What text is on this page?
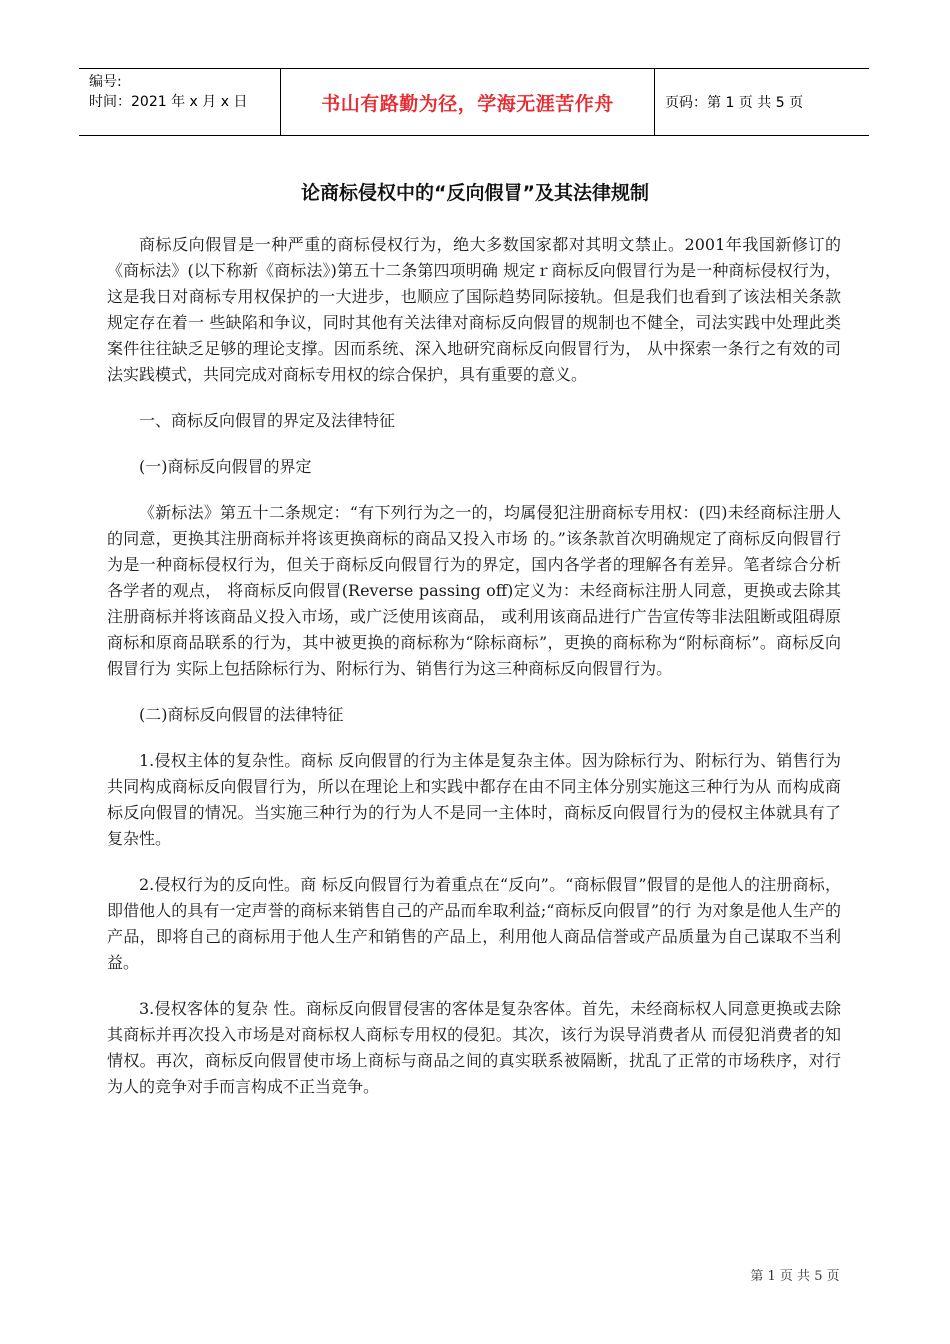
编号:
时间：2021 年 x 月 x 日	书山有路勤为径，学海无涯苦作舟	页码：第 1 页 共 5 页
论商标侵权中的“反向假冒”及其法律规制

商标反向假冒是一种严重的商标侵权行为，绝大多数国家都对其明文禁止。2001年我国新修订的《商标法》(以下称新《商标法》)第五十二条第四项明确 规定ｒ商标反向假冒行为是一种商标侵权行为，这是我日对商标专用权保护的一大进步，也顺应了国际趋势同际接轨。但是我们也看到了该法相关条款规定存在着一 些缺陷和争议，同时其他有关法律对商标反向假冒的规制也不健全，司法实践中处理此类案件往往缺乏足够的理论支撑。因而系统、深入地研究商标反向假冒行为， 从中探索一条行之有效的司法实践模式，共同完成对商标专用权的综合保护，具有重要的意义。

一、商标反向假冒的界定及法律特征

(一)商标反向假冒的界定

《新标法》第五十二条规定：“有下列行为之一的，均属侵犯注册商标专用权：(四)未经商标注册人的同意，更换其注册商标并将该更换商标的商品又投入市场 的。”该条款首次明确规定了商标反向假冒行为是一种商标侵权行为，但关于商标反向假冒行为的界定，国内各学者的理解各有差异。笔者综合分析各学者的观点， 将商标反向假冒(Reverse passing off)定义为：未经商标注册人同意，更换或去除其注册商标并将该商品义投入市场，或广泛使用该商品， 或利用该商品进行广告宣传等非法阻断或阻碍原商标和原商品联系的行为，其中被更换的商标称为“除标商标”，更换的商标称为“附标商标”。商标反向假冒行为 实际上包括除标行为、附标行为、销售行为这三种商标反向假冒行为。

(二)商标反向假冒的法律特征

1.侵权主体的复杂性。商标 反向假冒的行为主体是复杂主体。因为除标行为、附标行为、销售行为共同构成商标反向假冒行为，所以在理论上和实践中都存在由不同主体分别实施这三种行为从 而构成商标反向假冒的情况。当实施三种行为的行为人不是同一主体时，商标反向假冒行为的侵权主体就具有了复杂性。

2.侵权行为的反向性。商 标反向假冒行为着重点在“反向”。“商标假冒”假冒的是他人的注册商标，即借他人的具有一定声誉的商标来销售自己的产品而牟取利益;“商标反向假冒”的行 为对象是他人生产的产品，即将自己的商标用于他人生产和销售的产品上，利用他人商品信誉或产品质量为自己谋取不当利益。

3.侵权客体的复杂 性。商标反向假冒侵害的客体是复杂客体。首先，未经商标权人同意更换或去除其商标并再次投入市场是对商标权人商标专用权的侵犯。其次，该行为误导消费者从 而侵犯消费者的知情权。再次，商标反向假冒使市场上商标与商品之间的真实联系被隔断，扰乱了正常的市场秩序，对行为人的竞争对手而言构成不正当竞争。

第 1 页 共 5 页
